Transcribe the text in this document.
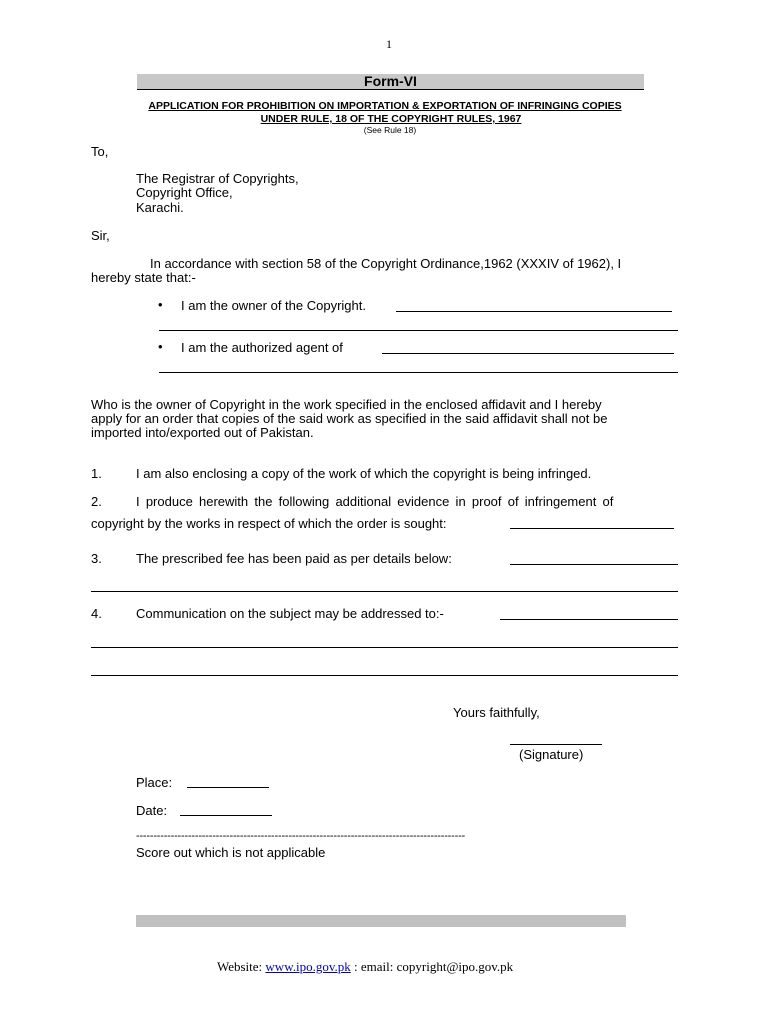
1
Form-VI
APPLICATION FOR PROHIBITION ON IMPORTATION & EXPORTATION OF INFRINGING COPIES
UNDER RULE, 18 OF THE COPYRIGHT RULES, 1967
(See Rule 18)
To,
The Registrar of Copyrights,
Copyright Office,
Karachi.
Sir,
In accordance with section 58 of the Copyright Ordinance,1962 (XXXIV of 1962), I
hereby state that:-
• I am the owner of the Copyright.
• I am the authorized agent of
Who is the owner of Copyright in the work specified in the enclosed affidavit and I hereby
apply for an order that copies of the said work as specified in the said affidavit shall not be
imported into/exported out of Pakistan.
1.	I am also enclosing a copy of the work of which the copyright is being infringed.
2.	I produce herewith the following additional evidence in proof of infringement of
copyright by the works in respect of which the order is sought:
3.	The prescribed fee has been paid as per details below:
4.	Communication on the subject may be addressed to:-
Yours faithfully,
(Signature)
Place:
Date:
-----------------------------------------------------------------------------------------------
Score out which is not applicable
Website: www.ipo.gov.pk : email: copyright@ipo.gov.pk
